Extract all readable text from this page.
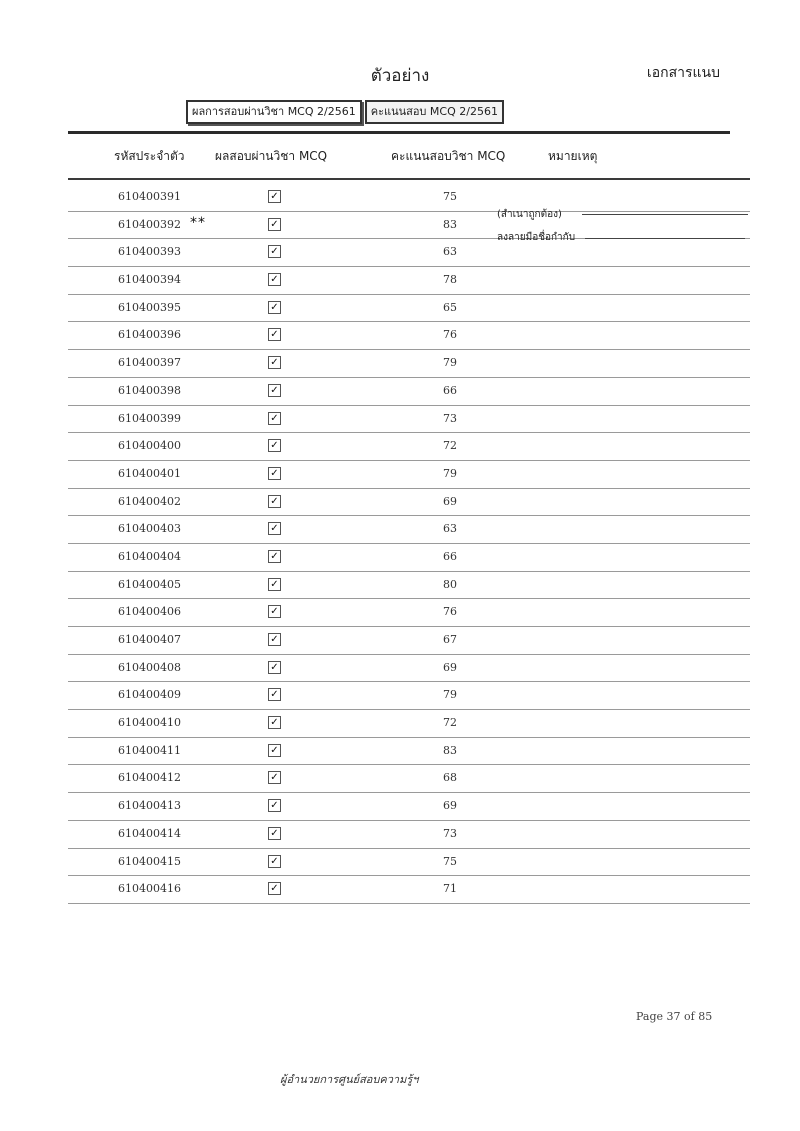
ตัวอย่าง	เอกสารแนบ
ผลการสอบผ่านวิชา MCQ 2/2561	คะแนนสอบ MCQ 2/2561
รหัสประจำตัว	ผลสอบผ่านวิชา MCQ	คะแนนสอบวิชา MCQ	หมายเหตุ
610400391	✓	75
610400392 **	✓	83
610400393	✓	63
610400394	✓	78
610400395	✓	65
610400396	✓	76
610400397	✓	79
610400398	✓	66
610400399	✓	73
610400400	✓	72
610400401	✓	79
610400402	✓	69
610400403	✓	63
610400404	✓	66
610400405	✓	80
610400406	✓	76
610400407	✓	67
610400408	✓	69
610400409	✓	79
610400410	✓	72
610400411	✓	83
610400412	✓	68
610400413	✓	69
610400414	✓	73
610400415	✓	75
610400416	✓	71
(สำเนาถูกต้อง)
ลงลายมือชื่อกำกับ
Page 37 of 85
ผู้อำนวยการศูนย์สอบความรู้ฯ
